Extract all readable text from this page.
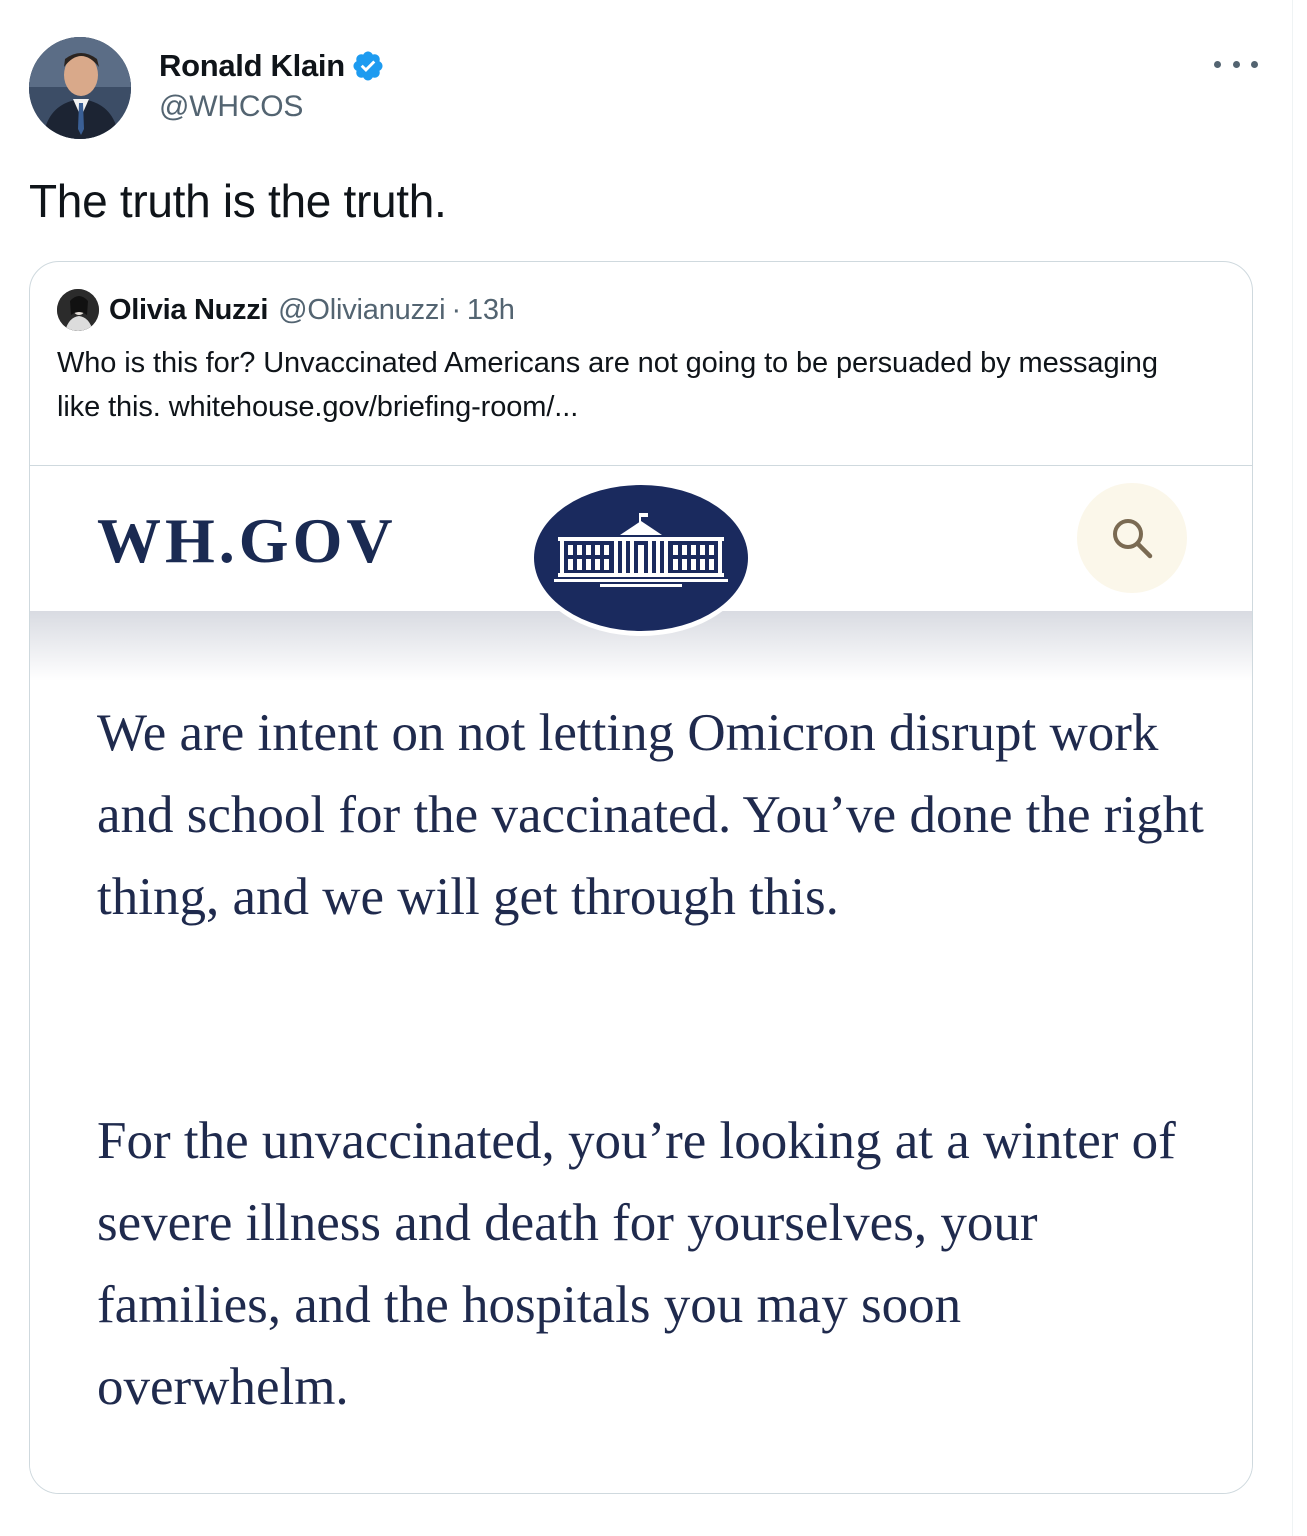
Ronald Klain
@WHCOS
The truth is the truth.
Olivia Nuzzi @Olivianuzzi · 13h
Who is this for? Unvaccinated Americans are not going to be persuaded by messaging like this. whitehouse.gov/briefing-room/...
WH.GOV

We are intent on not letting Omicron disrupt work and school for the vaccinated. You’ve done the right thing, and we will get through this.

For the unvaccinated, you’re looking at a winter of severe illness and death for yourselves, your families, and the hospitals you may soon overwhelm.
